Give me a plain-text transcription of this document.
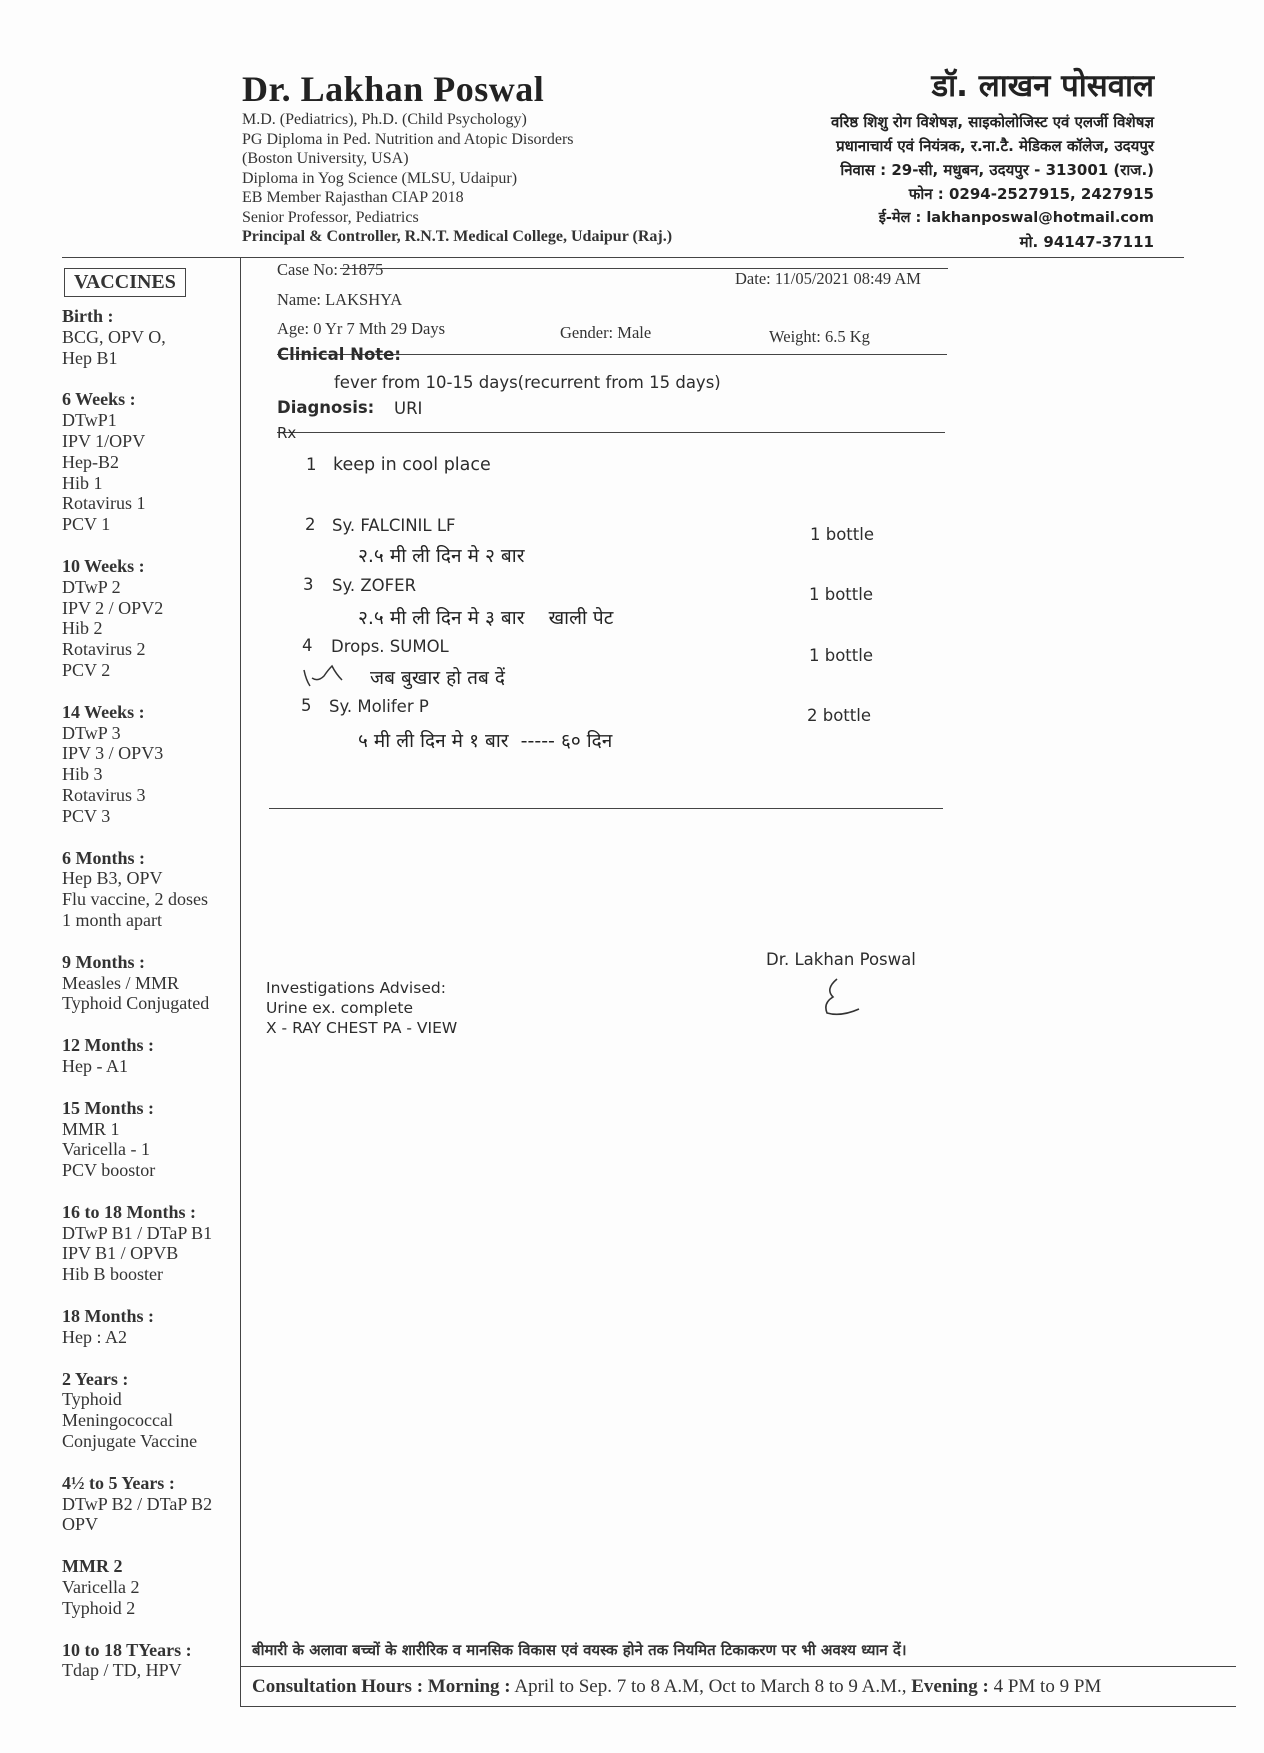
Dr. Lakhan Poswal
M.D. (Pediatrics), Ph.D. (Child Psychology)
PG Diploma in Ped. Nutrition and Atopic Disorders
(Boston University, USA)
Diploma in Yog Science (MLSU, Udaipur)
EB Member Rajasthan CIAP 2018
Senior Professor, Pediatrics
Principal & Controller, R.N.T. Medical College, Udaipur (Raj.)
डॉ. लाखन पोसवाल
वरिष्ठ शिशु रोग विशेषज्ञ, साइकोलोजिस्ट एवं एलर्जी विशेषज्ञ
प्रधानाचार्य एवं नियंत्रक, र.ना.टै. मेडिकल कॉलेज, उदयपुर
निवास : 29-सी, मधुबन, उदयपुर - 313001 (राज.)
फोन : 0294-2527915, 2427915
ई-मेल : lakhanposwal@hotmail.com
मो. 94147-37111
VACCINES
Birth :
BCG, OPV O,
Hep B1
6 Weeks :
DTwP1
IPV 1/OPV
Hep-B2
Hib 1
Rotavirus 1
PCV 1
10 Weeks :
DTwP 2
IPV 2 / OPV2
Hib 2
Rotavirus 2
PCV 2
14 Weeks :
DTwP 3
IPV 3 / OPV3
Hib 3
Rotavirus 3
PCV 3
6 Months :
Hep B3, OPV
Flu vaccine, 2 doses
1 month apart
9 Months :
Measles / MMR
Typhoid Conjugated
12 Months :
Hep - A1
15 Months :
MMR 1
Varicella - 1
PCV boostor
16 to 18 Months :
DTwP B1 / DTaP B1
IPV B1 / OPVB
Hib B booster
18 Months :
Hep : A2
2 Years :
Typhoid
Meningococcal
Conjugate Vaccine
4½ to 5 Years :
DTwP B2 / DTaP B2
OPV
MMR 2
Varicella 2
Typhoid 2
10 to 18 TYears :
Tdap / TD, HPV
Case No: 21875	Date: 11/05/2021 08:49 AM
Name: LAKSHYA
Age: 0 Yr 7 Mth 29 Days	Gender: Male	Weight: 6.5 Kg
Clinical Note:
fever from 10-15 days(recurrent from 15 days)
Diagnosis: URI
Rx
1 keep in cool place
2 Sy. FALCINIL LF	1 bottle
२.५ मी ली दिन मे २ बार
3 Sy. ZOFER	1 bottle
२.५ मी ली दिन मे ३ बार    खाली पेट
4 Drops. SUMOL	1 bottle
जब बुखार हो तब दें
5 Sy. Molifer P	2 bottle
५ मी ली दिन मे १ बार  ----- ६० दिन
Dr. Lakhan Poswal
Investigations Advised:
Urine ex. complete
X - RAY CHEST PA - VIEW
बीमारी के अलावा बच्चों के शारीरिक व मानसिक विकास एवं वयस्क होने तक नियमित टिकाकरण पर भी अवश्य ध्यान दें।
Consultation Hours : Morning : April to Sep. 7 to 8 A.M, Oct to March 8 to 9 A.M., Evening : 4 PM to 9 PM
